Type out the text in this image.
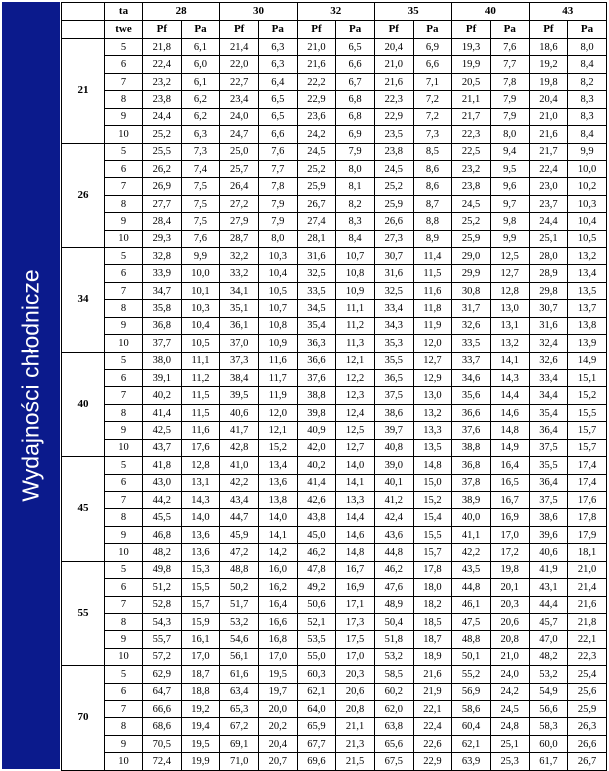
Wydajności chłodnicze
	ta	28		30		32		35		40		43	
	twe	Pf	Pa	Pf	Pa	Pf	Pa	Pf	Pa	Pf	Pa	Pf	Pa
21	5	21,8	6,1	21,4	6,3	21,0	6,5	20,4	6,9	19,3	7,6	18,6	8,0
	6	22,4	6,0	22,0	6,3	21,6	6,6	21,0	6,6	19,9	7,7	19,2	8,4
	7	23,2	6,1	22,7	6,4	22,2	6,7	21,6	7,1	20,5	7,8	19,8	8,2
	8	23,8	6,2	23,4	6,5	22,9	6,8	22,3	7,2	21,1	7,9	20,4	8,3
	9	24,4	6,2	24,0	6,5	23,6	6,8	22,9	7,2	21,7	7,9	21,0	8,3
	10	25,2	6,3	24,7	6,6	24,2	6,9	23,5	7,3	22,3	8,0	21,6	8,4
26	5	25,5	7,3	25,0	7,6	24,5	7,9	23,8	8,5	22,5	9,4	21,7	9,9
	6	26,2	7,4	25,7	7,7	25,2	8,0	24,5	8,6	23,2	9,5	22,4	10,0
	7	26,9	7,5	26,4	7,8	25,9	8,1	25,2	8,6	23,8	9,6	23,0	10,2
	8	27,7	7,5	27,2	7,9	26,7	8,2	25,9	8,7	24,5	9,7	23,7	10,3
	9	28,4	7,5	27,9	7,9	27,4	8,3	26,6	8,8	25,2	9,8	24,4	10,4
	10	29,3	7,6	28,7	8,0	28,1	8,4	27,3	8,9	25,9	9,9	25,1	10,5
34	5	32,8	9,9	32,2	10,3	31,6	10,7	30,7	11,4	29,0	12,5	28,0	13,2
	6	33,9	10,0	33,2	10,4	32,5	10,8	31,6	11,5	29,9	12,7	28,9	13,4
	7	34,7	10,1	34,1	10,5	33,5	10,9	32,5	11,6	30,8	12,8	29,8	13,5
	8	35,8	10,3	35,1	10,7	34,5	11,1	33,4	11,8	31,7	13,0	30,7	13,7
	9	36,8	10,4	36,1	10,8	35,4	11,2	34,3	11,9	32,6	13,1	31,6	13,8
	10	37,7	10,5	37,0	10,9	36,3	11,3	35,3	12,0	33,5	13,2	32,4	13,9
40	5	38,0	11,1	37,3	11,6	36,6	12,1	35,5	12,7	33,7	14,1	32,6	14,9
	6	39,1	11,2	38,4	11,7	37,6	12,2	36,5	12,9	34,6	14,3	33,4	15,1
	7	40,2	11,5	39,5	11,9	38,8	12,3	37,5	13,0	35,6	14,4	34,4	15,2
	8	41,4	11,5	40,6	12,0	39,8	12,4	38,6	13,2	36,6	14,6	35,4	15,5
	9	42,5	11,6	41,7	12,1	40,9	12,5	39,7	13,3	37,6	14,8	36,4	15,7
	10	43,7	17,6	42,8	15,2	42,0	12,7	40,8	13,5	38,8	14,9	37,5	15,7
45	5	41,8	12,8	41,0	13,4	40,2	14,0	39,0	14,8	36,8	16,4	35,5	17,4
	6	43,0	13,1	42,2	13,6	41,4	14,1	40,1	15,0	37,8	16,5	36,4	17,4
	7	44,2	14,3	43,4	13,8	42,6	13,3	41,2	15,2	38,9	16,7	37,5	17,6
	8	45,5	14,0	44,7	14,0	43,8	14,4	42,4	15,4	40,0	16,9	38,6	17,8
	9	46,8	13,6	45,9	14,1	45,0	14,6	43,6	15,5	41,1	17,0	39,6	17,9
	10	48,2	13,6	47,2	14,2	46,2	14,8	44,8	15,7	42,2	17,2	40,6	18,1
55	5	49,8	15,3	48,8	16,0	47,8	16,7	46,2	17,8	43,5	19,8	41,9	21,0
	6	51,2	15,5	50,2	16,2	49,2	16,9	47,6	18,0	44,8	20,1	43,1	21,4
	7	52,8	15,7	51,7	16,4	50,6	17,1	48,9	18,2	46,1	20,3	44,4	21,6
	8	54,3	15,9	53,2	16,6	52,1	17,3	50,4	18,5	47,5	20,6	45,7	21,8
	9	55,7	16,1	54,6	16,8	53,5	17,5	51,8	18,7	48,8	20,8	47,0	22,1
	10	57,2	17,0	56,1	17,0	55,0	17,0	53,2	18,9	50,1	21,0	48,2	22,3
70	5	62,9	18,7	61,6	19,5	60,3	20,3	58,5	21,6	55,2	24,0	53,2	25,4
	6	64,7	18,8	63,4	19,7	62,1	20,6	60,2	21,9	56,9	24,2	54,9	25,6
	7	66,6	19,2	65,3	20,0	64,0	20,8	62,0	22,1	58,6	24,5	56,6	25,9
	8	68,6	19,4	67,2	20,2	65,9	21,1	63,8	22,4	60,4	24,8	58,3	26,3
	9	70,5	19,5	69,1	20,4	67,7	21,3	65,6	22,6	62,1	25,1	60,0	26,6
	10	72,4	19,9	71,0	20,7	69,6	21,5	67,5	22,9	63,9	25,3	61,7	26,7
